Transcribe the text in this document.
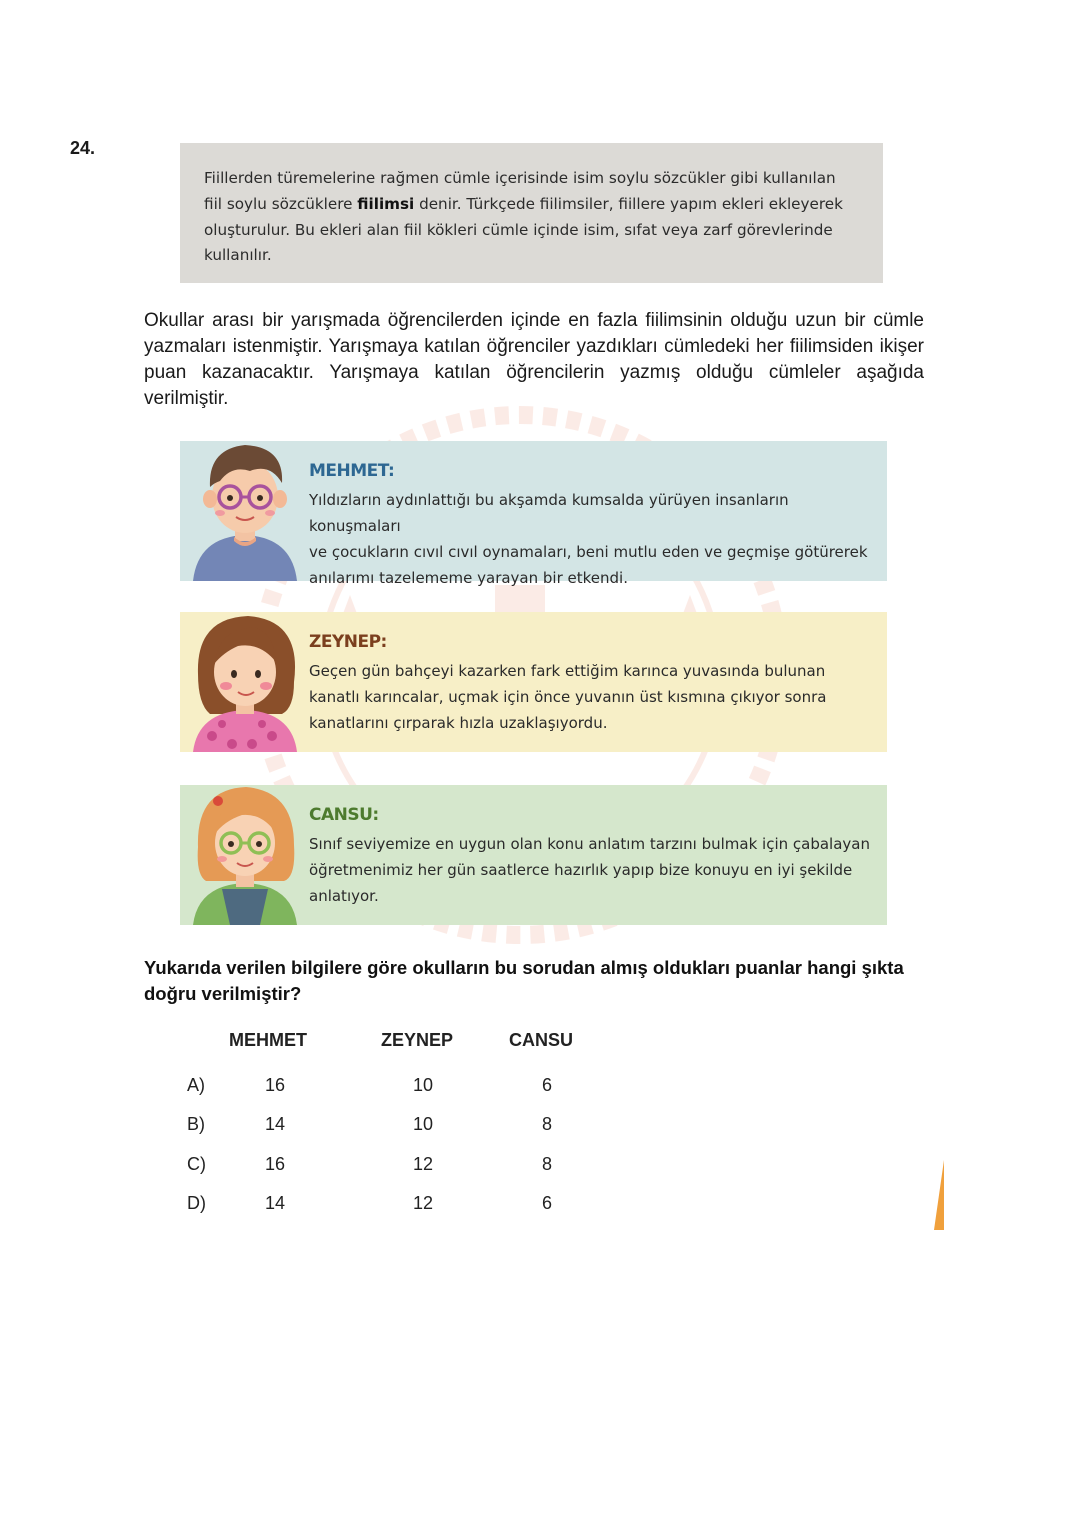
24.
Fiillerden türemelerine rağmen cümle içerisinde isim soylu sözcükler gibi kullanılan
fiil soylu sözcüklere fiilimsi denir. Türkçede fiilimsiler, fiillere yapım ekleri ekleyerek
oluşturulur. Bu ekleri alan fiil kökleri cümle içinde isim, sıfat veya zarf görevlerinde
kullanılır.
Okullar arası bir yarışmada öğrencilerden içinde en fazla fiilimsinin olduğu uzun bir cümle yazmaları istenmiştir. Yarışmaya katılan öğrenciler yazdıkları cümledeki her fiilimsiden ikişer puan kazanacaktır. Yarışmaya katılan öğrencilerin yazmış olduğu cümleler aşağıda verilmiştir.
MEHMET:
Yıldızların aydınlattığı bu akşamda kumsalda yürüyen insanların konuşmaları
ve çocukların cıvıl cıvıl oynamaları, beni mutlu eden ve geçmişe götürerek
anılarımı tazelememe yarayan bir etkendi.
ZEYNEP:
Geçen gün bahçeyi kazarken fark ettiğim karınca yuvasında bulunan
kanatlı karıncalar, uçmak için önce yuvanın üst kısmına çıkıyor sonra
kanatlarını çırparak hızla uzaklaşıyordu.
CANSU:
Sınıf seviyemize en uygun olan konu anlatım tarzını bulmak için çabalayan
öğretmenimiz her gün saatlerce hazırlık yapıp bize konuyu en iyi şekilde
anlatıyor.
Yukarıda verilen bilgilere göre okulların bu sorudan almış oldukları puanlar hangi şıkta doğru verilmiştir?
MEHMET	ZEYNEP	CANSU
A)	16	10	6
B)	14	10	8
C)	16	12	8
D)	14	12	6
